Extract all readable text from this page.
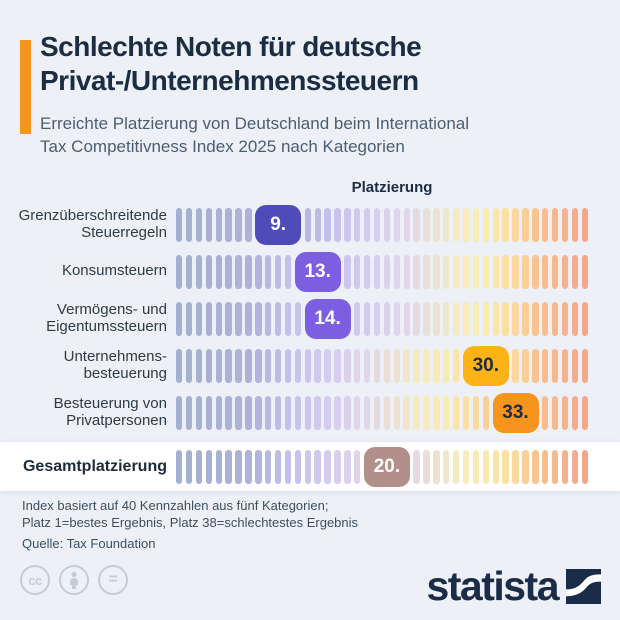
Schlechte Noten für deutsche
Privat-/Unternehmenssteuern
Erreichte Platzierung von Deutschland beim International
Tax Competitivness Index 2025 nach Kategorien
Platzierung
Grenzüberschreitende
Steuerregeln	9.
Konsumsteuern	13.
Vermögens- und
Eigentumssteuern	14.
Unternehmens-
besteuerung	30.
Besteuerung von
Privatpersonen	33.
Gesamtplatzierung	20.
Index basiert auf 40 Kennzahlen aus fünf Kategorien;
Platz 1=bestes Ergebnis, Platz 38=schlechtestes Ergebnis
Quelle: Tax Foundation
cc	=	statista
